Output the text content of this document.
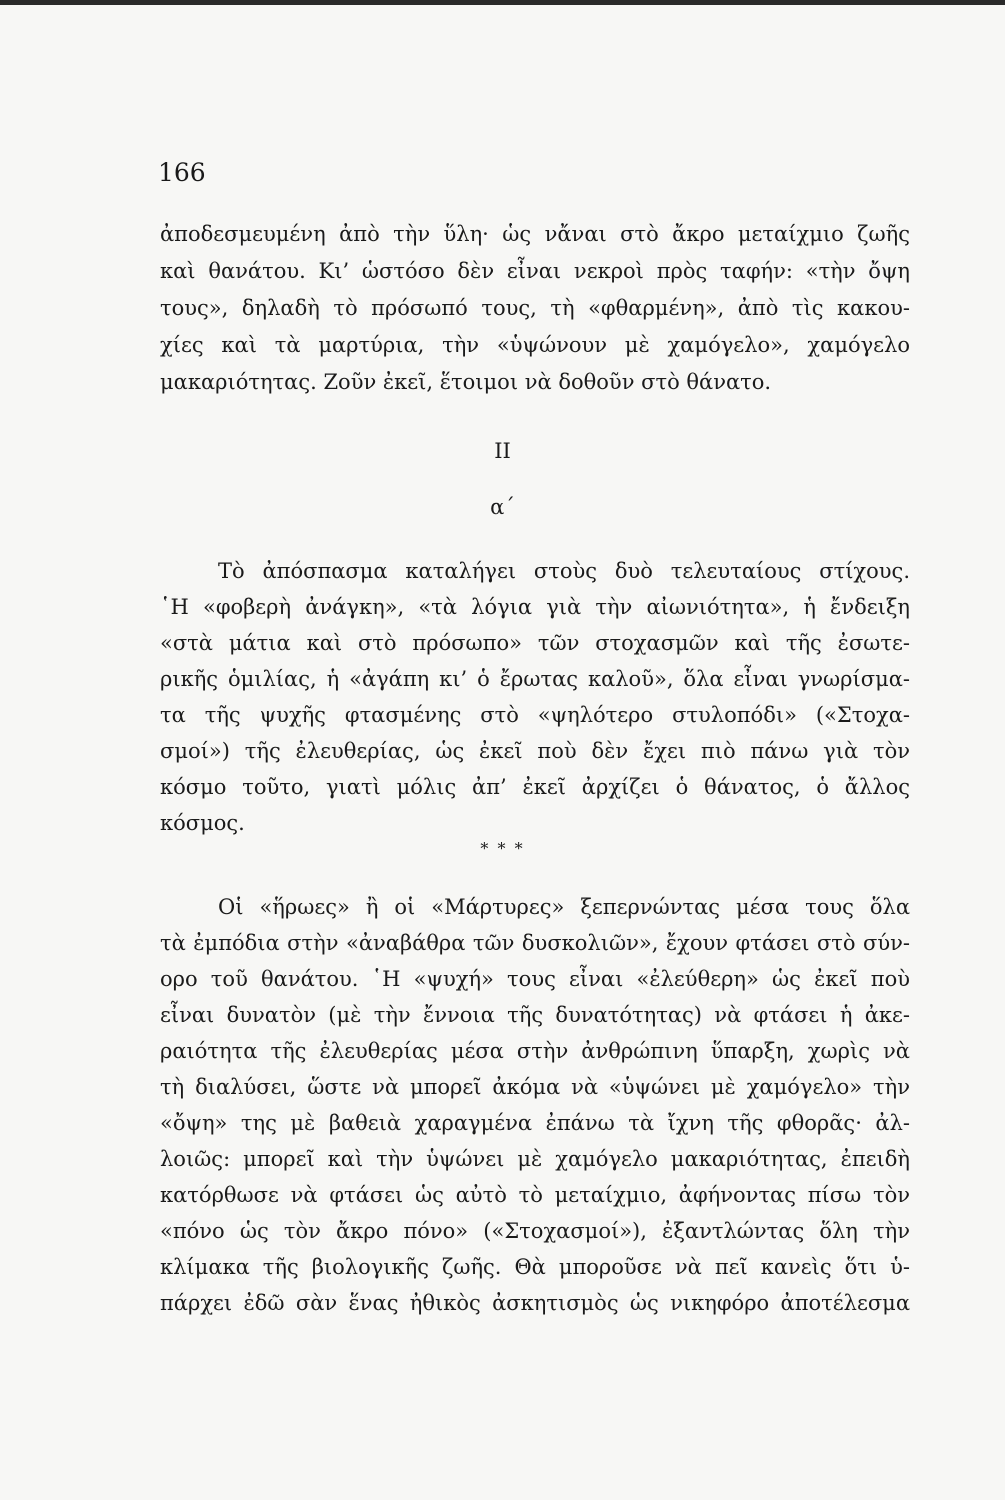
166
ἀποδεσμευμένη ἀπὸ τὴν ὕλη· ὡς νἄναι στὸ ἄκρο μεταίχμιο ζωῆς
καὶ θανάτου. Κι’ ὡστόσο δὲν εἶναι νεκροὶ πρὸς ταφήν: «τὴν ὄψη
τους», δηλαδὴ τὸ πρόσωπό τους, τὴ «φθαρμένη», ἀπὸ τὶς κακου-
χίες καὶ τὰ μαρτύρια, τὴν «ὑψώνουν μὲ χαμόγελο», χαμόγελο
μακαριότητας. Ζοῦν ἐκεῖ, ἕτοιμοι νὰ δοθοῦν στὸ θάνατο.
II
α΄
Τὸ ἀπόσπασμα καταλήγει στοὺς δυὸ τελευταίους στίχους.
῾Η «φοβερὴ ἀνάγκη», «τὰ λόγια γιὰ τὴν αἰωνιότητα», ἡ ἔνδειξη
«στὰ μάτια καὶ στὸ πρόσωπο» τῶν στοχασμῶν καὶ τῆς ἐσωτε-
ρικῆς ὁμιλίας, ἡ «ἀγάπη κι’ ὁ ἔρωτας καλοῦ», ὅλα εἶναι γνωρίσμα-
τα τῆς ψυχῆς φτασμένης στὸ «ψηλότερο στυλοπόδι» («Στοχα-
σμοί») τῆς ἐλευθερίας, ὡς ἐκεῖ ποὺ δὲν ἔχει πιὸ πάνω γιὰ τὸν
κόσμο τοῦτο, γιατὶ μόλις ἀπ’ ἐκεῖ ἀρχίζει ὁ θάνατος, ὁ ἄλλος
κόσμος.
* * *
Οἱ «ἥρωες» ἢ οἱ «Μάρτυρες» ξεπερνώντας μέσα τους ὅλα
τὰ ἐμπόδια στὴν «ἀναβάθρα τῶν δυσκολιῶν», ἔχουν φτάσει στὸ σύν-
ορο τοῦ θανάτου. ῾Η «ψυχή» τους εἶναι «ἐλεύθερη» ὡς ἐκεῖ ποὺ
εἶναι δυνατὸν (μὲ τὴν ἔννοια τῆς δυνατότητας) νὰ φτάσει ἡ ἀκε-
ραιότητα τῆς ἐλευθερίας μέσα στὴν ἀνθρώπινη ὕπαρξη, χωρὶς νὰ
τὴ διαλύσει, ὥστε νὰ μπορεῖ ἀκόμα νὰ «ὑψώνει μὲ χαμόγελο» τὴν
«ὄψη» της μὲ βαθειὰ χαραγμένα ἐπάνω τὰ ἴχνη τῆς φθορᾶς· ἀλ-
λοιῶς: μπορεῖ καὶ τὴν ὑψώνει μὲ χαμόγελο μακαριότητας, ἐπειδὴ
κατόρθωσε νὰ φτάσει ὡς αὐτὸ τὸ μεταίχμιο, ἀφήνοντας πίσω τὸν
«πόνο ὡς τὸν ἄκρο πόνο» («Στοχασμοί»), ἐξαντλώντας ὅλη τὴν
κλίμακα τῆς βιολογικῆς ζωῆς. Θὰ μποροῦσε νὰ πεῖ κανεὶς ὅτι ὑ-
πάρχει ἐδῶ σὰν ἕνας ἠθικὸς ἀσκητισμὸς ὡς νικηφόρο ἀποτέλεσμα
